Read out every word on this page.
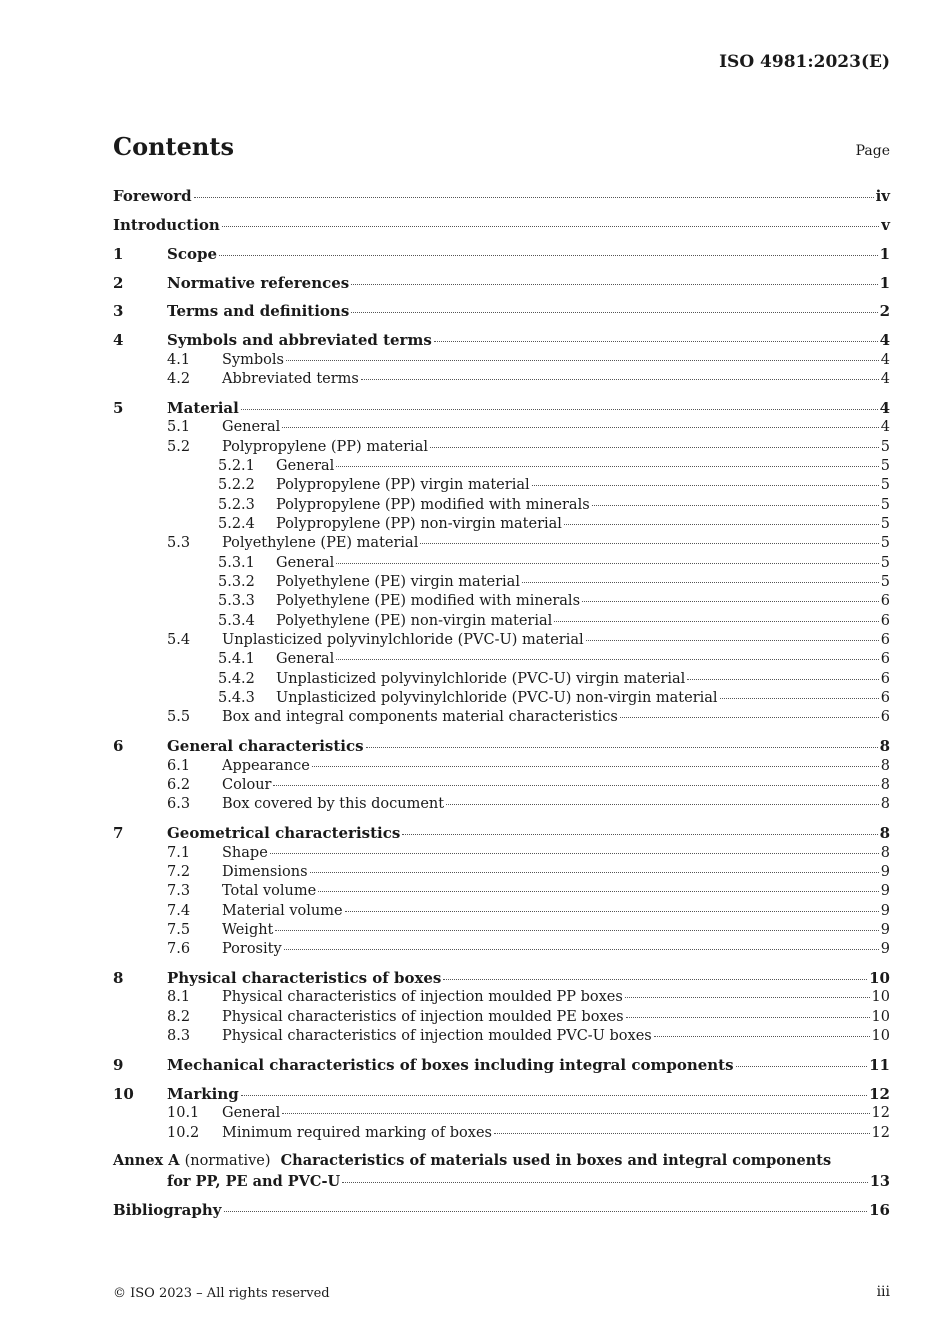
ISO 4981:2023(E)
Contents	Page
Foreword	iv
Introduction	v
1	Scope	1
2	Normative references	1
3	Terms and definitions	2
4	Symbols and abbreviated terms	4
4.1	Symbols	4
4.2	Abbreviated terms	4
5	Material	4
5.1	General	4
5.2	Polypropylene (PP) material	5
5.2.1	General	5
5.2.2	Polypropylene (PP) virgin material	5
5.2.3	Polypropylene (PP) modified with minerals	5
5.2.4	Polypropylene (PP) non-virgin material	5
5.3	Polyethylene (PE) material	5
5.3.1	General	5
5.3.2	Polyethylene (PE) virgin material	5
5.3.3	Polyethylene (PE) modified with minerals	6
5.3.4	Polyethylene (PE) non-virgin material	6
5.4	Unplasticized polyvinylchloride (PVC-U) material	6
5.4.1	General	6
5.4.2	Unplasticized polyvinylchloride (PVC-U) virgin material	6
5.4.3	Unplasticized polyvinylchloride (PVC-U) non-virgin material	6
5.5	Box and integral components material characteristics	6
6	General characteristics	8
6.1	Appearance	8
6.2	Colour	8
6.3	Box covered by this document	8
7	Geometrical characteristics	8
7.1	Shape	8
7.2	Dimensions	9
7.3	Total volume	9
7.4	Material volume	9
7.5	Weight	9
7.6	Porosity	9
8	Physical characteristics of boxes	10
8.1	Physical characteristics of injection moulded PP boxes	10
8.2	Physical characteristics of injection moulded PE boxes	10
8.3	Physical characteristics of injection moulded PVC-U boxes	10
9	Mechanical characteristics of boxes including integral components	11
10	Marking	12
10.1	General	12
10.2	Minimum required marking of boxes	12
Annex A (normative) Characteristics of materials used in boxes and integral components
for PP, PE and PVC-U	13
Bibliography	16
© ISO 2023 – All rights reserved	iii
